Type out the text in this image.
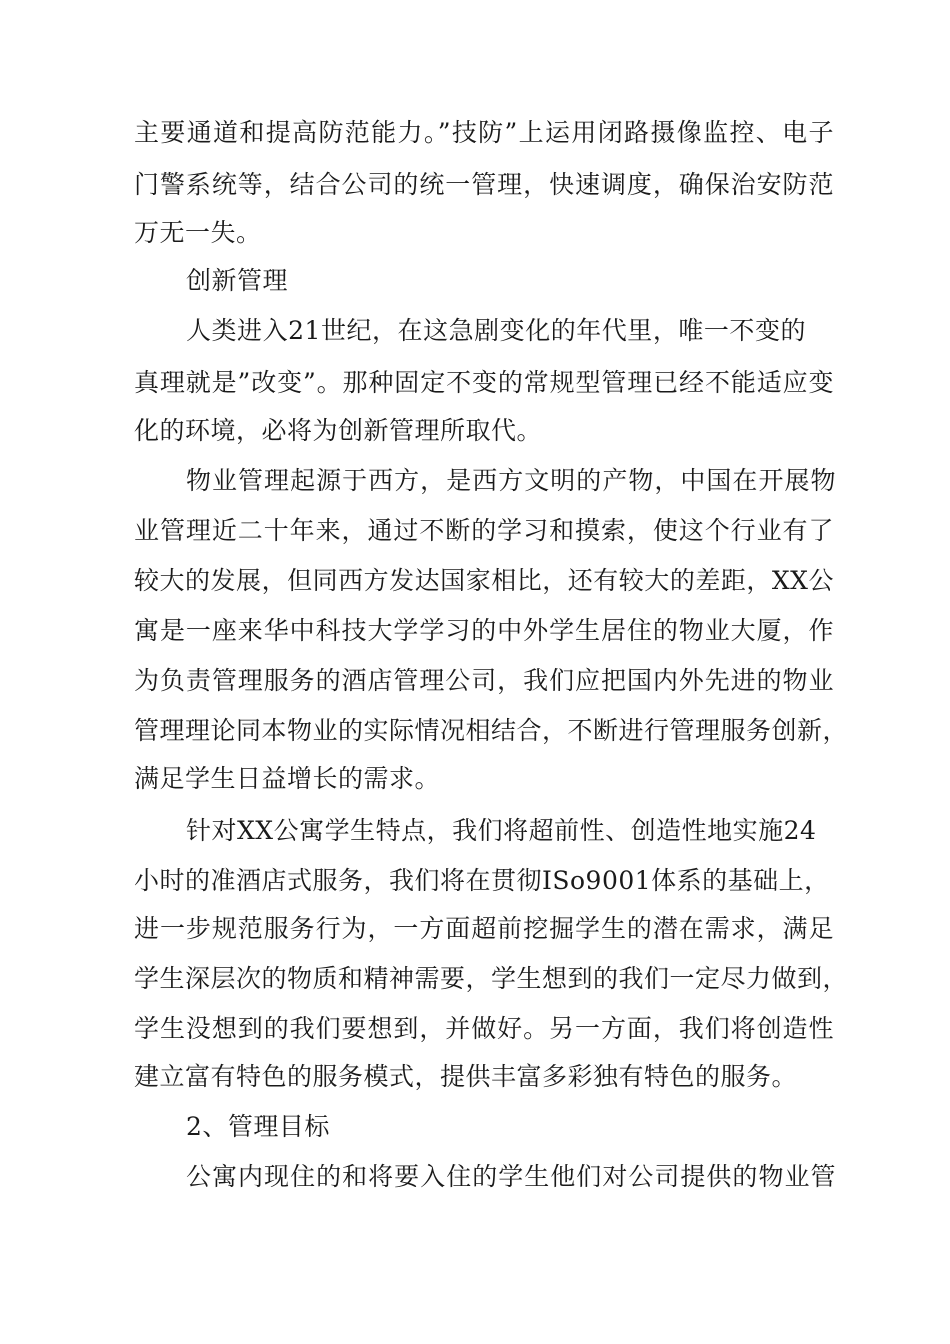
主要通道和提高防范能力。”技防”上运用闭路摄像监控、电子
门警系统等，结合公司的统一管理，快速调度，确保治安防范
万无一失。
创新管理
人类进入21世纪，在这急剧变化的年代里，唯一不变的
真理就是”改变”。那种固定不变的常规型管理已经不能适应变
化的环境，必将为创新管理所取代。
物业管理起源于西方，是西方文明的产物，中国在开展物
业管理近二十年来，通过不断的学习和摸索，使这个行业有了
较大的发展，但同西方发达国家相比，还有较大的差距，XX公
寓是一座来华中科技大学学习的中外学生居住的物业大厦，作
为负责管理服务的酒店管理公司，我们应把国内外先进的物业
管理理论同本物业的实际情况相结合，不断进行管理服务创新，
满足学生日益增长的需求。
针对XX公寓学生特点，我们将超前性、创造性地实施24
小时的准酒店式服务，我们将在贯彻ISo9001体系的基础上，
进一步规范服务行为，一方面超前挖掘学生的潜在需求，满足
学生深层次的物质和精神需要，学生想到的我们一定尽力做到，
学生没想到的我们要想到，并做好。另一方面，我们将创造性
建立富有特色的服务模式，提供丰富多彩独有特色的服务。
2、管理目标
公寓内现住的和将要入住的学生他们对公司提供的物业管
